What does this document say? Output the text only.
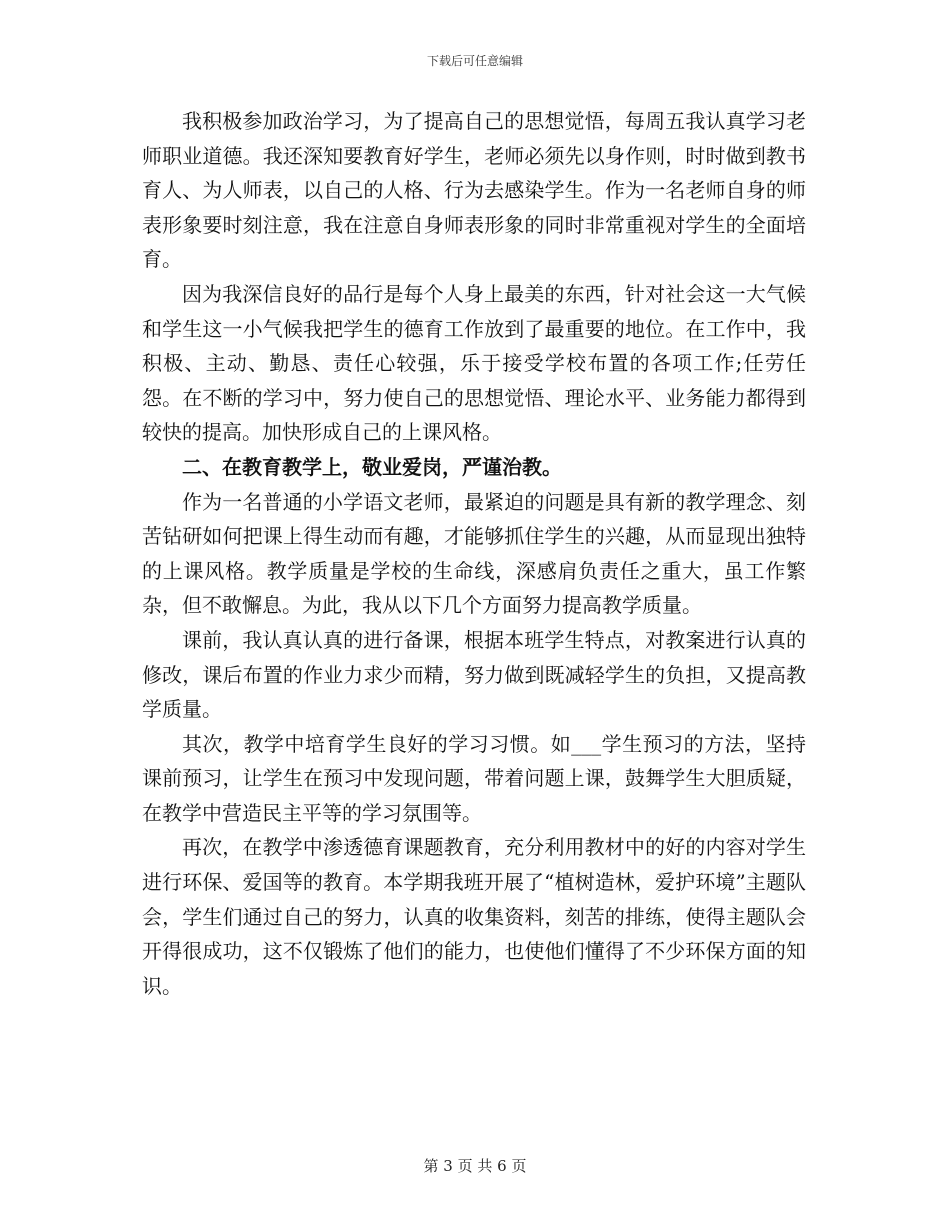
下载后可任意编辑

我积极参加政治学习，为了提高自己的思想觉悟，每周五我认真学习老师职业道德。我还深知要教育好学生，老师必须先以身作则，时时做到教书育人、为人师表，以自己的人格、行为去感染学生。作为一名老师自身的师表形象要时刻注意，我在注意自身师表形象的同时非常重视对学生的全面培育。

因为我深信良好的品行是每个人身上最美的东西，针对社会这一大气候和学生这一小气候我把学生的德育工作放到了最重要的地位。在工作中，我积极、主动、勤恳、责任心较强，乐于接受学校布置的各项工作;任劳任怨。在不断的学习中，努力使自己的思想觉悟、理论水平、业务能力都得到较快的提高。加快形成自己的上课风格。

二、在教育教学上，敬业爱岗，严谨治教。

作为一名普通的小学语文老师，最紧迫的问题是具有新的教学理念、刻苦钻研如何把课上得生动而有趣，才能够抓住学生的兴趣，从而显现出独特的上课风格。教学质量是学校的生命线，深感肩负责任之重大，虽工作繁杂，但不敢懈息。为此，我从以下几个方面努力提高教学质量。

课前，我认真认真的进行备课，根据本班学生特点，对教案进行认真的修改，课后布置的作业力求少而精，努力做到既减轻学生的负担，又提高教学质量。

其次，教学中培育学生良好的学习习惯。如___学生预习的方法，坚持课前预习，让学生在预习中发现问题，带着问题上课，鼓舞学生大胆质疑，在教学中营造民主平等的学习氛围等。

再次，在教学中渗透德育课题教育，充分利用教材中的好的内容对学生进行环保、爱国等的教育。本学期我班开展了“植树造林，爱护环境”主题队会，学生们通过自己的努力，认真的收集资料，刻苦的排练，使得主题队会开得很成功，这不仅锻炼了他们的能力，也使他们懂得了不少环保方面的知识。

第 3 页 共 6 页
